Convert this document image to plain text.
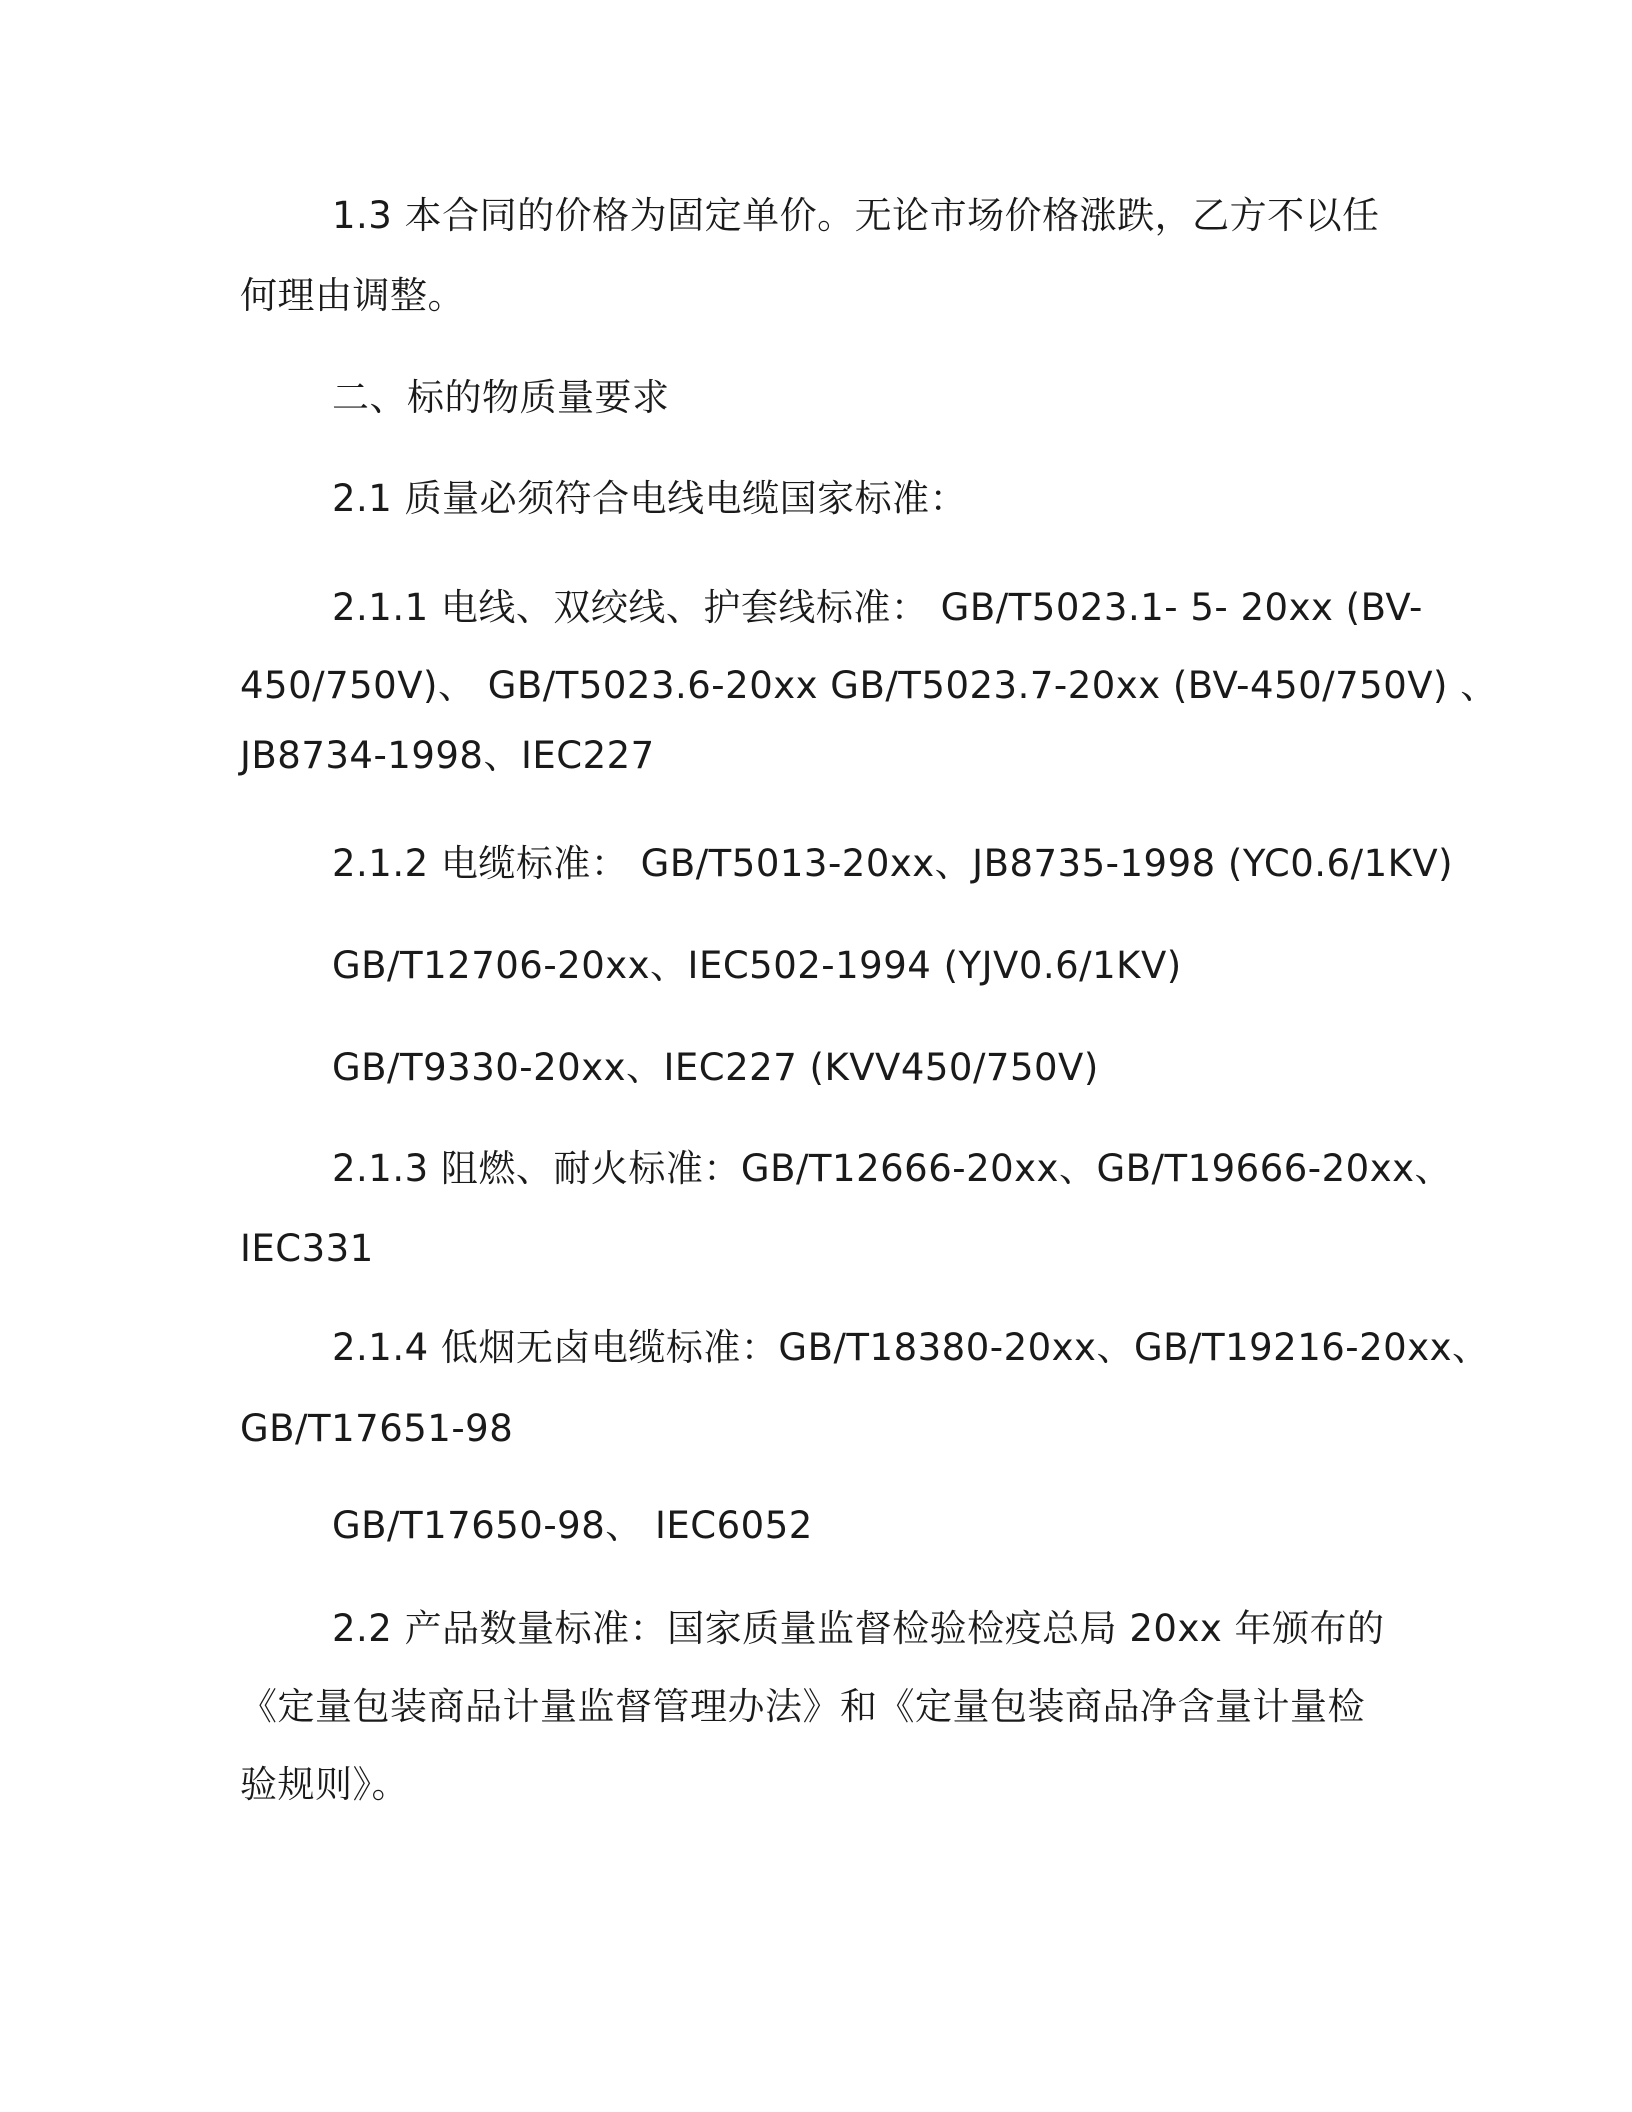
1.3 本合同的价格为固定单价。无论市场价格涨跌，乙方不以任
何理由调整。
二、标的物质量要求
2.1 质量必须符合电线电缆国家标准：
2.1.1 电线、双绞线、护套线标准： GB/T5023.1- 5- 20xx (BV-
450/750V)、 GB/T5023.6-20xx GB/T5023.7-20xx (BV-450/750V) 、
JB8734-1998、IEC227
2.1.2 电缆标准： GB/T5013-20xx、JB8735-1998 (YC0.6/1KV)
GB/T12706-20xx、IEC502-1994 (YJV0.6/1KV)
GB/T9330-20xx、IEC227 (KVV450/750V)
2.1.3 阻燃、耐火标准：GB/T12666-20xx、GB/T19666-20xx、
IEC331
2.1.4 低烟无卤电缆标准：GB/T18380-20xx、GB/T19216-20xx、
GB/T17651-98
GB/T17650-98、 IEC6052
2.2 产品数量标准：国家质量监督检验检疫总局 20xx 年颁布的
《定量包装商品计量监督管理办法》和《定量包装商品净含量计量检
验规则》。
